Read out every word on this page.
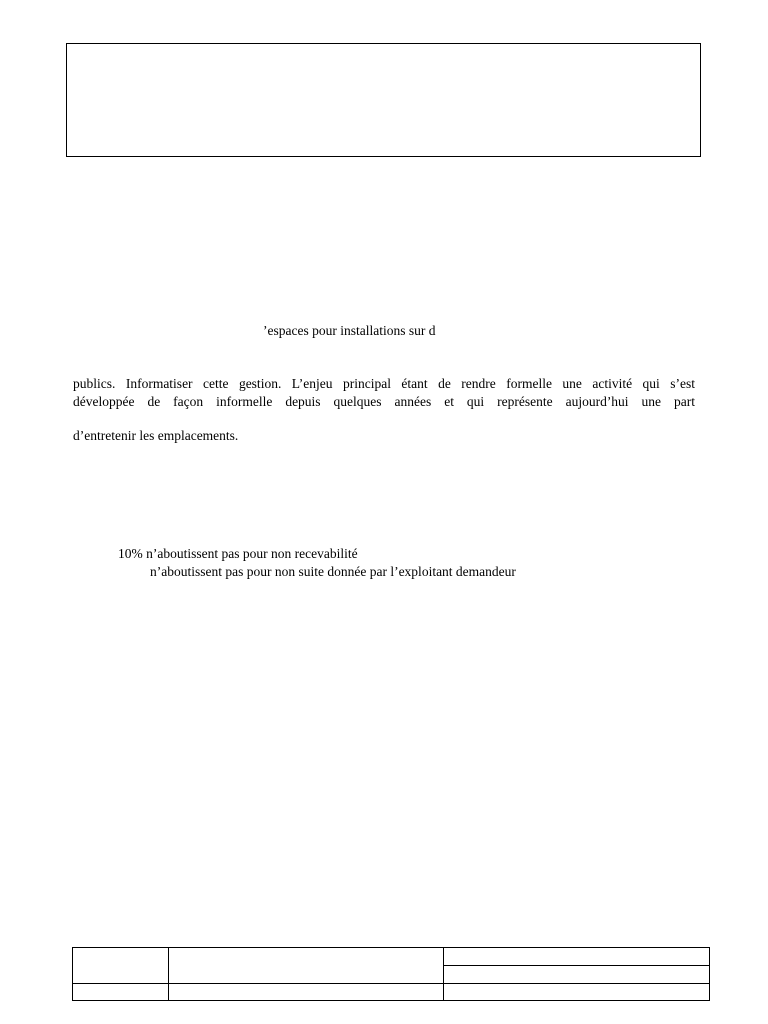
’espaces pour installations sur d
publics. Informatiser cette gestion. L’enjeu principal étant de rendre formelle une activité qui s’est
développée de façon informelle depuis quelques années et qui représente aujourd’hui une part
d’entretenir les emplacements.
10% n’aboutissent pas pour non recevabilité
n’aboutissent pas pour non suite donnée par l’exploitant demandeur
